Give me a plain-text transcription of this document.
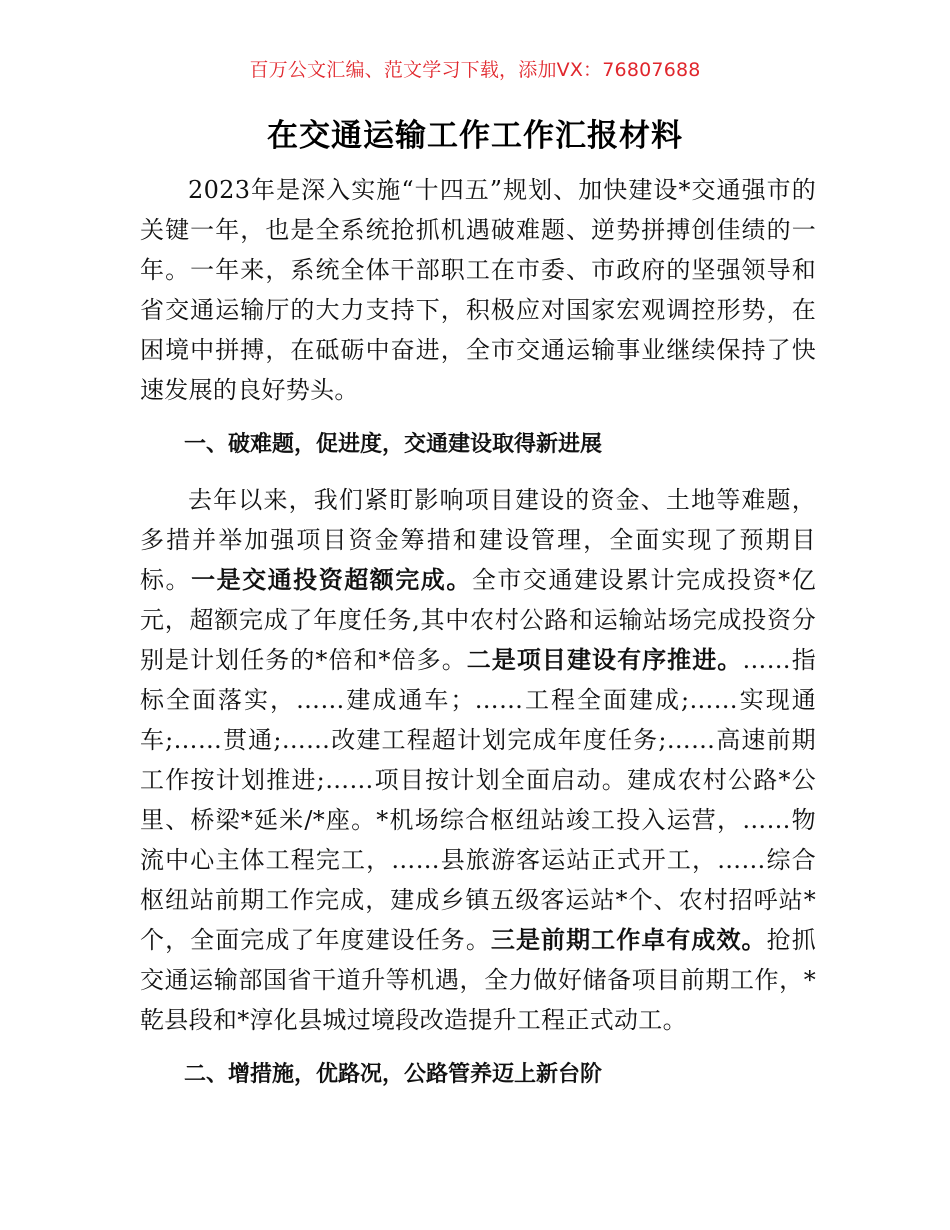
百万公文汇编、范文学习下载，添加VX：76807688
在交通运输工作工作汇报材料

2023年是深入实施“十四五”规划、加快建设*交通强市的关键一年，也是全系统抢抓机遇破难题、逆势拼搏创佳绩的一年。一年来，系统全体干部职工在市委、市政府的坚强领导和省交通运输厅的大力支持下，积极应对国家宏观调控形势，在困境中拼搏，在砥砺中奋进，全市交通运输事业继续保持了快速发展的良好势头。

一、破难题，促进度，交通建设取得新进展

去年以来，我们紧盯影响项目建设的资金、土地等难题，多措并举加强项目资金筹措和建设管理，全面实现了预期目标。一是交通投资超额完成。全市交通建设累计完成投资*亿元，超额完成了年度任务,其中农村公路和运输站场完成投资分别是计划任务的*倍和*倍多。二是项目建设有序推进。……指标全面落实，……建成通车；……工程全面建成;……实现通车;……贯通;……改建工程超计划完成年度任务;……高速前期工作按计划推进;……项目按计划全面启动。建成农村公路*公里、桥梁*延米/*座。*机场综合枢纽站竣工投入运营，……物流中心主体工程完工，……县旅游客运站正式开工，……综合枢纽站前期工作完成，建成乡镇五级客运站*个、农村招呼站*个，全面完成了年度建设任务。三是前期工作卓有成效。抢抓交通运输部国省干道升等机遇，全力做好储备项目前期工作，*乾县段和*淳化县城过境段改造提升工程正式动工。

二、增措施，优路况，公路管养迈上新台阶
